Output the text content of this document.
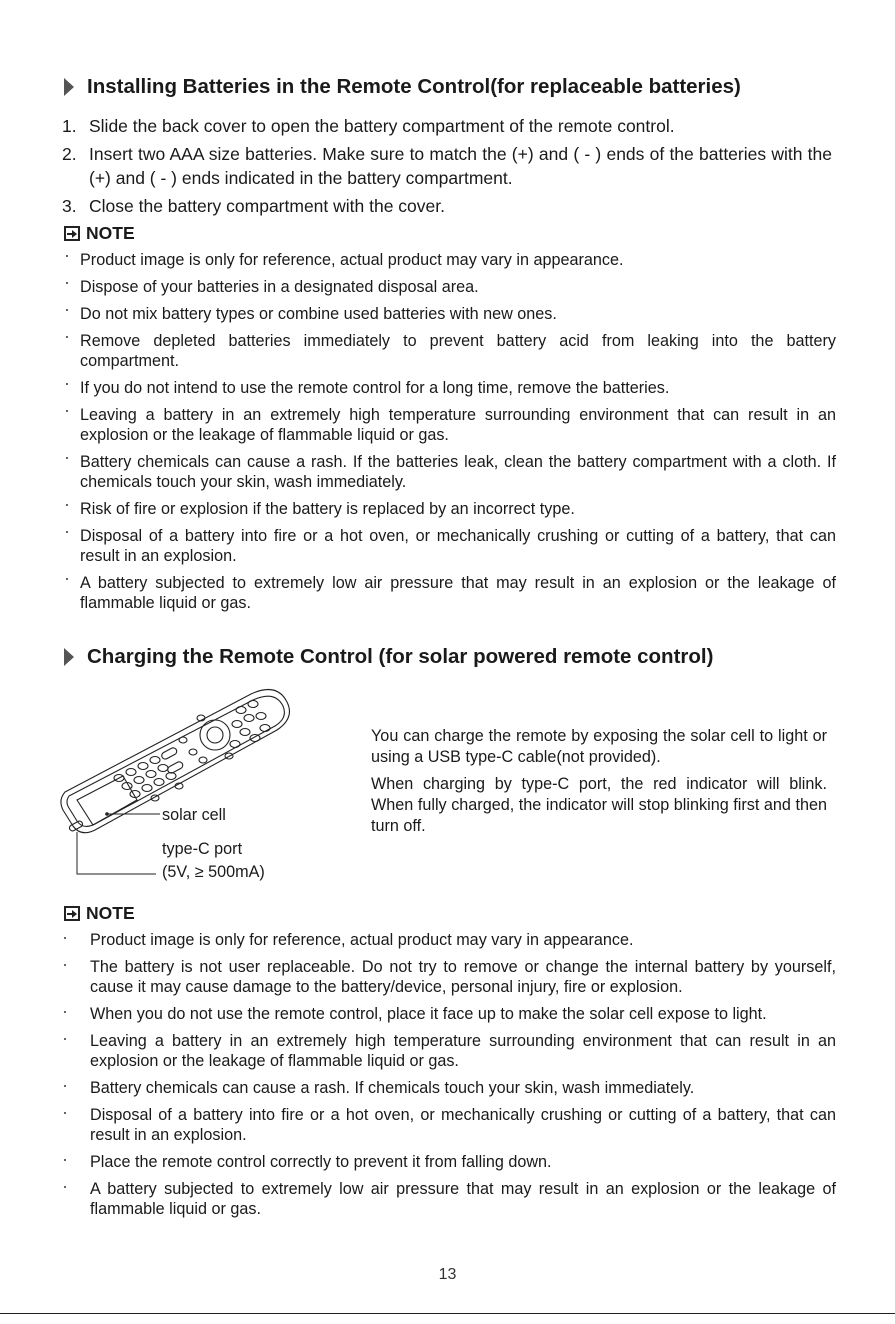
Installing Batteries in the Remote Control(for replaceable batteries)
1. Slide the back cover to open the battery compartment of the remote control.
2. Insert two AAA size batteries. Make sure to match the (+) and ( - ) ends of the batteries with the (+) and ( - ) ends indicated in the battery compartment.
3. Close the battery compartment with the cover.
NOTE
Product image is only for reference, actual product may vary in appearance.
Dispose of your batteries in a designated disposal area.
Do not mix battery types or combine used batteries with new ones.
Remove depleted batteries immediately to prevent battery acid from leaking into the battery compartment.
If you do not intend to use the remote control for a long time, remove the batteries.
Leaving a battery in an extremely high temperature surrounding environment that can result in an explosion or the leakage of flammable liquid or gas.
Battery chemicals can cause a rash. If the batteries leak, clean the battery compartment with a cloth. If chemicals touch your skin, wash immediately.
Risk of fire or explosion if the battery is replaced by an incorrect type.
Disposal of a battery into fire or a hot oven, or mechanically crushing or cutting of a battery, that can result in an explosion.
A battery subjected to extremely low air pressure that may result in an explosion or the leakage of flammable liquid or gas.
Charging the Remote Control (for solar powered remote control)
solar cell
type-C port
(5V, ≥ 500mA)

You can charge the remote by exposing the solar cell to light or using a USB type-C cable(not provided).

When charging by type-C port, the red indicator will blink. When fully charged, the indicator will stop blinking first and then turn off.

NOTE
Product image is only for reference, actual product may vary in appearance.
The battery is not user replaceable. Do not try to remove or change the internal battery by yourself, cause it may cause damage to the battery/device, personal injury, fire or explosion.
When you do not use the remote control, place it face up to make the solar cell expose to light.
Leaving a battery in an extremely high temperature surrounding environment that can result in an explosion or the leakage of flammable liquid or gas.
Battery chemicals can cause a rash. If chemicals touch your skin, wash immediately.
Disposal of a battery into fire or a hot oven, or mechanically crushing or cutting of a battery, that can result in an explosion.
Place the remote control correctly to prevent it from falling down.
A battery subjected to extremely low air pressure that may result in an explosion or the leakage of flammable liquid or gas.
13
